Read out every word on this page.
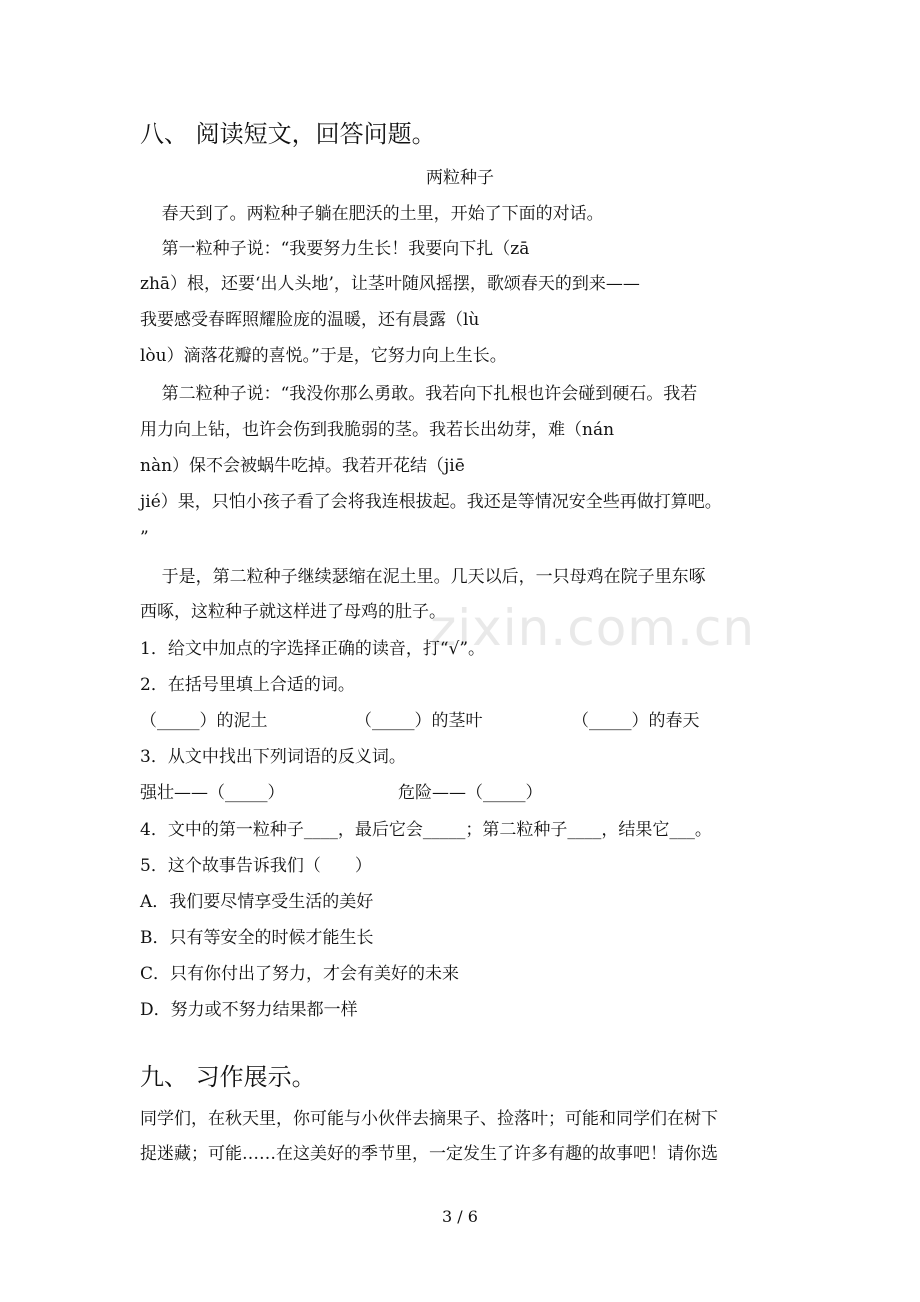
zixin.com.cn
八、 阅读短文，回答问题。
两粒种子
春天到了。两粒种子躺在肥沃的土里，开始了下面的对话。
第一粒种子说：“我要努力生长！我要向下扎（zā
zhā）根，还要‘出人头地’，让茎叶随风摇摆，歌颂春天的到来——
我要感受春晖照耀脸庞的温暖，还有晨露（lù
lòu）滴落花瓣的喜悦。”于是，它努力向上生长。
第二粒种子说：“我没你那么勇敢。我若向下扎根也许会碰到硬石。我若
用力向上钻，也许会伤到我脆弱的茎。我若长出幼芽，难（nán
nàn）保不会被蜗牛吃掉。我若开花结（jiē
jié）果，只怕小孩子看了会将我连根拔起。我还是等情况安全些再做打算吧。
”
于是，第二粒种子继续瑟缩在泥土里。几天以后，一只母鸡在院子里东啄
西啄，这粒种子就这样进了母鸡的肚子。
1．给文中加点的字选择正确的读音，打“√”。
2．在括号里填上合适的词。
（_____）的泥土	（_____）的茎叶	（_____）的春天
3．从文中找出下列词语的反义词。
强壮——（_____）	危险——（_____）
4．文中的第一粒种子____，最后它会_____；第二粒种子____，结果它___。
5．这个故事告诉我们（　　）
A．我们要尽情享受生活的美好
B．只有等安全的时候才能生长
C．只有你付出了努力，才会有美好的未来
D．努力或不努力结果都一样
九、 习作展示。
同学们，在秋天里，你可能与小伙伴去摘果子、捡落叶；可能和同学们在树下
捉迷藏；可能……在这美好的季节里，一定发生了许多有趣的故事吧！请你选
3 / 6
